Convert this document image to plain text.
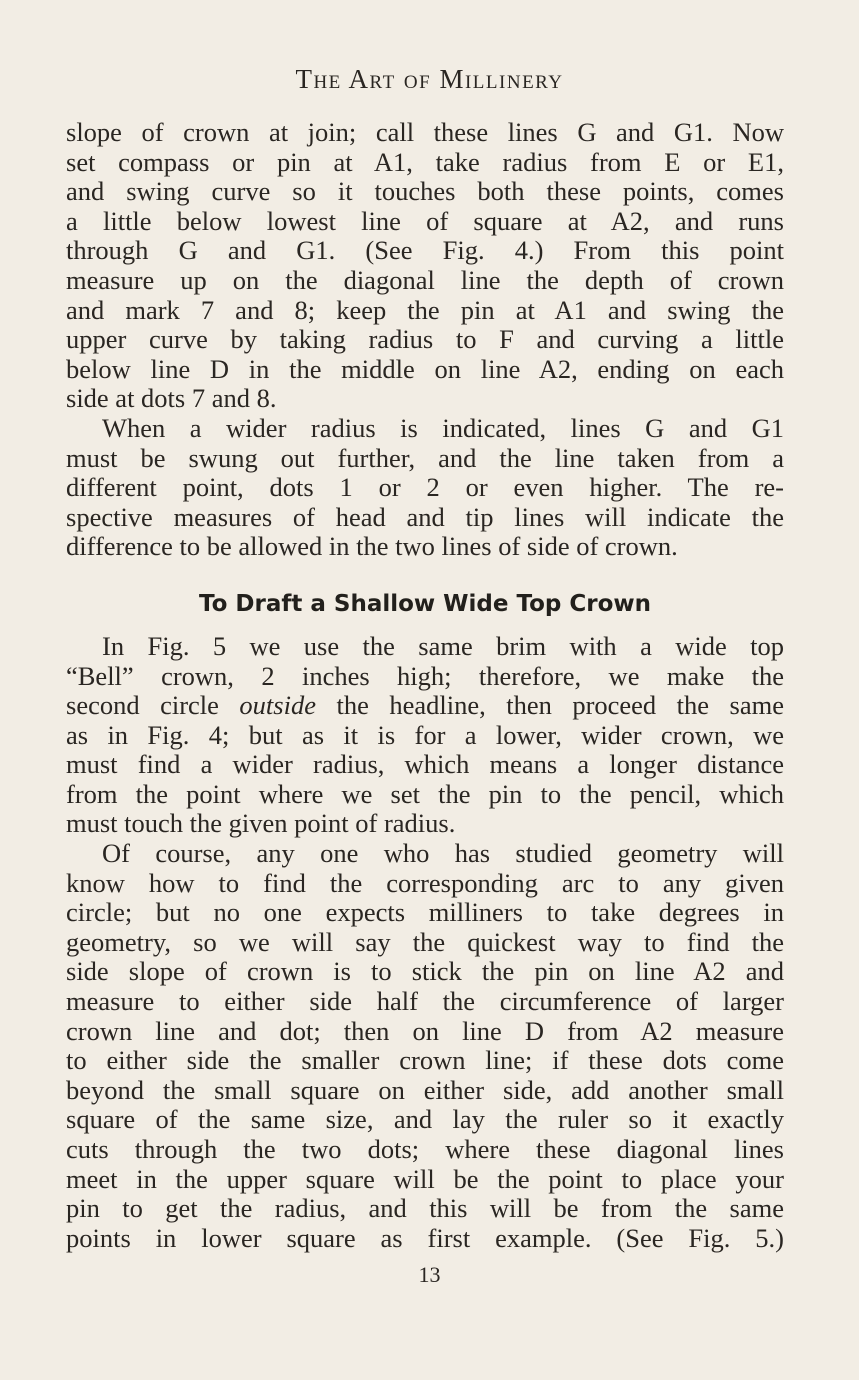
The Art of Millinery
slope of crown at join; call these lines G and G1. Now
set compass or pin at A1, take radius from E or E1,
and swing curve so it touches both these points, comes
a little below lowest line of square at A2, and runs
through G and G1. (See Fig. 4.) From this point
measure up on the diagonal line the depth of crown
and mark 7 and 8; keep the pin at A1 and swing the
upper curve by taking radius to F and curving a little
below line D in the middle on line A2, ending on each
side at dots 7 and 8.
When a wider radius is indicated, lines G and G1
must be swung out further, and the line taken from a
different point, dots 1 or 2 or even higher. The re-
spective measures of head and tip lines will indicate the
difference to be allowed in the two lines of side of crown.
To Draft a Shallow Wide Top Crown
In Fig. 5 we use the same brim with a wide top
“Bell” crown, 2 inches high; therefore, we make the
second circle outside the headline, then proceed the same
as in Fig. 4; but as it is for a lower, wider crown, we
must find a wider radius, which means a longer distance
from the point where we set the pin to the pencil, which
must touch the given point of radius.
Of course, any one who has studied geometry will
know how to find the corresponding arc to any given
circle; but no one expects milliners to take degrees in
geometry, so we will say the quickest way to find the
side slope of crown is to stick the pin on line A2 and
measure to either side half the circumference of larger
crown line and dot; then on line D from A2 measure
to either side the smaller crown line; if these dots come
beyond the small square on either side, add another small
square of the same size, and lay the ruler so it exactly
cuts through the two dots; where these diagonal lines
meet in the upper square will be the point to place your
pin to get the radius, and this will be from the same
points in lower square as first example. (See Fig. 5.)
13
